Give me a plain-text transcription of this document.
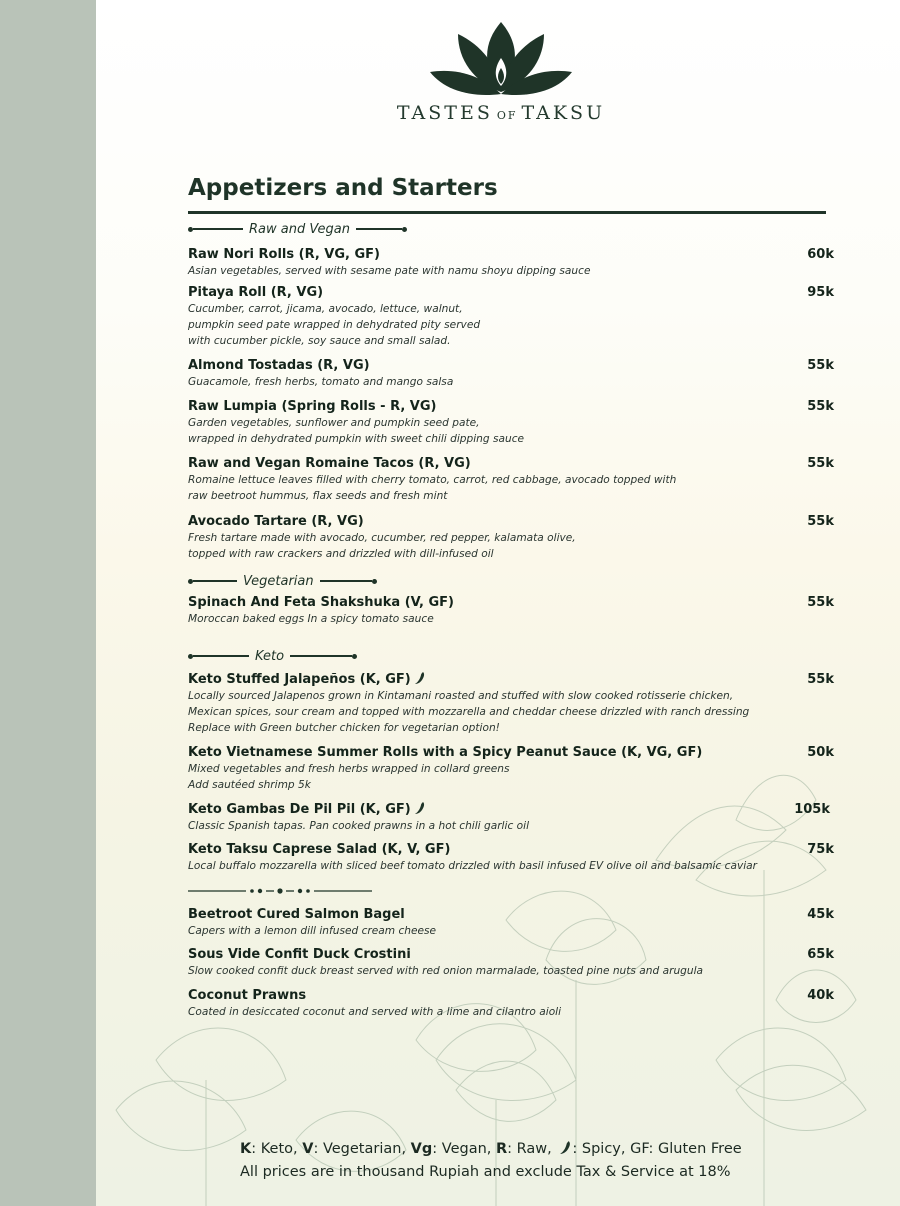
TASTES OF TAKSU
Appetizers and Starters
Raw and Vegan
Raw Nori Rolls (R, VG, GF)
Asian vegetables, served with sesame pate with namu shoyu dipping sauce
60k
Pitaya Roll (R, VG)
Cucumber, carrot, jicama, avocado, lettuce, walnut,
pumpkin seed pate wrapped in dehydrated pity served
with cucumber pickle, soy sauce and small salad.
95k
Almond Tostadas (R, VG)
Guacamole, fresh herbs, tomato and mango salsa
55k
Raw Lumpia (Spring Rolls - R, VG)
Garden vegetables, sunflower and pumpkin seed pate,
wrapped in dehydrated pumpkin with sweet chili dipping sauce
55k
Raw and Vegan Romaine Tacos (R, VG)
Romaine lettuce leaves filled with cherry tomato, carrot, red cabbage, avocado topped with
raw beetroot hummus, flax seeds and fresh mint
55k
Avocado Tartare (R, VG)
Fresh tartare made with avocado, cucumber, red pepper, kalamata olive,
topped with raw crackers and drizzled with dill-infused oil
55k
Vegetarian
Spinach And Feta Shakshuka (V, GF)
Moroccan baked eggs In a spicy tomato sauce
55k
Keto
Keto Stuffed Jalapeños (K, GF)
Locally sourced Jalapenos grown in Kintamani roasted and stuffed with slow cooked rotisserie chicken,
Mexican spices, sour cream and topped with mozzarella and cheddar cheese drizzled with ranch dressing
Replace with Green butcher chicken for vegetarian option!
55k
Keto Vietnamese Summer Rolls with a Spicy Peanut Sauce (K, VG, GF)
Mixed vegetables and fresh herbs wrapped in collard greens
Add sautéed shrimp 5k
50k
Keto Gambas De Pil Pil (K, GF)
Classic Spanish tapas. Pan cooked prawns in a hot chili garlic oil
105k
Keto Taksu Caprese Salad (K, V, GF)
Local buffalo mozzarella with sliced beef tomato drizzled with basil infused EV olive oil and balsamic caviar
75k
Beetroot Cured Salmon Bagel
Capers with a lemon dill infused cream cheese
45k
Sous Vide Confit Duck Crostini
Slow cooked confit duck breast served with red onion marmalade, toasted pine nuts and arugula
65k
Coconut Prawns
Coated in desiccated coconut and served with a lime and cilantro aioli
40k
K: Keto, V: Vegetarian, Vg: Vegan, R: Raw, : Spicy, GF: Gluten Free
All prices are in thousand Rupiah and exclude Tax & Service at 18%
